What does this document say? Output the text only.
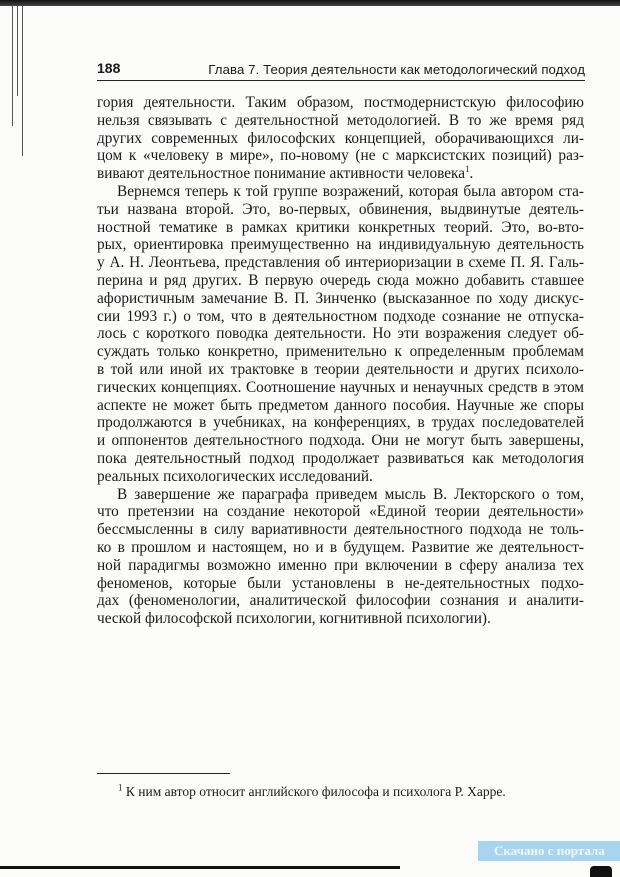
188	Глава 7. Теория деятельности как методологический подход
гория деятельности. Таким образом, постмодернистскую философию
нельзя связывать с деятельностной методологией. В то же время ряд
других современных философских концепцией, оборачивающихся ли-
цом к «человеку в мире», по-новому (не с марксистских позиций) раз-
вивают деятельностное понимание активности человека$^1$.
Вернемся теперь к той группе возражений, которая была автором ста-
тьи названа второй. Это, во-первых, обвинения, выдвинутые деятель-
ностной тематике в рамках критики конкретных теорий. Это, во-вто-
рых, ориентировка преимущественно на индивидуальную деятельность
у А. Н. Леонтьева, представления об интериоризации в схеме П. Я. Галь-
перина и ряд других. В первую очередь сюда можно добавить ставшее
афористичным замечание В. П. Зинченко (высказанное по ходу дискус-
сии 1993 г.) о том, что в деятельностном подходе сознание не отпуска-
лось с короткого поводка деятельности. Но эти возражения следует об-
суждать только конкретно, применительно к определенным проблемам
в той или иной их трактовке в теории деятельности и других психоло-
гических концепциях. Соотношение научных и ненаучных средств в этом
аспекте не может быть предметом данного пособия. Научные же споры
продолжаются в учебниках, на конференциях, в трудах последователей
и оппонентов деятельностного подхода. Они не могут быть завершены,
пока деятельностный подход продолжает развиваться как методология
реальных психологических исследований.
В завершение же параграфа приведем мысль В. Лекторского о том,
что претензии на создание некоторой «Единой теории деятельности»
бессмысленны в силу вариативности деятельностного подхода не толь-
ко в прошлом и настоящем, но и в будущем. Развитие же деятельност-
ной парадигмы возможно именно при включении в сферу анализа тех
феноменов, которые были установлены в не-деятельностных подхо-
дах (феноменологии, аналитической философии сознания и аналити-
ческой философской психологии, когнитивной психологии).
$^1$ К ним автор относит английского философа и психолога Р. Харре.
Скачано с портала
